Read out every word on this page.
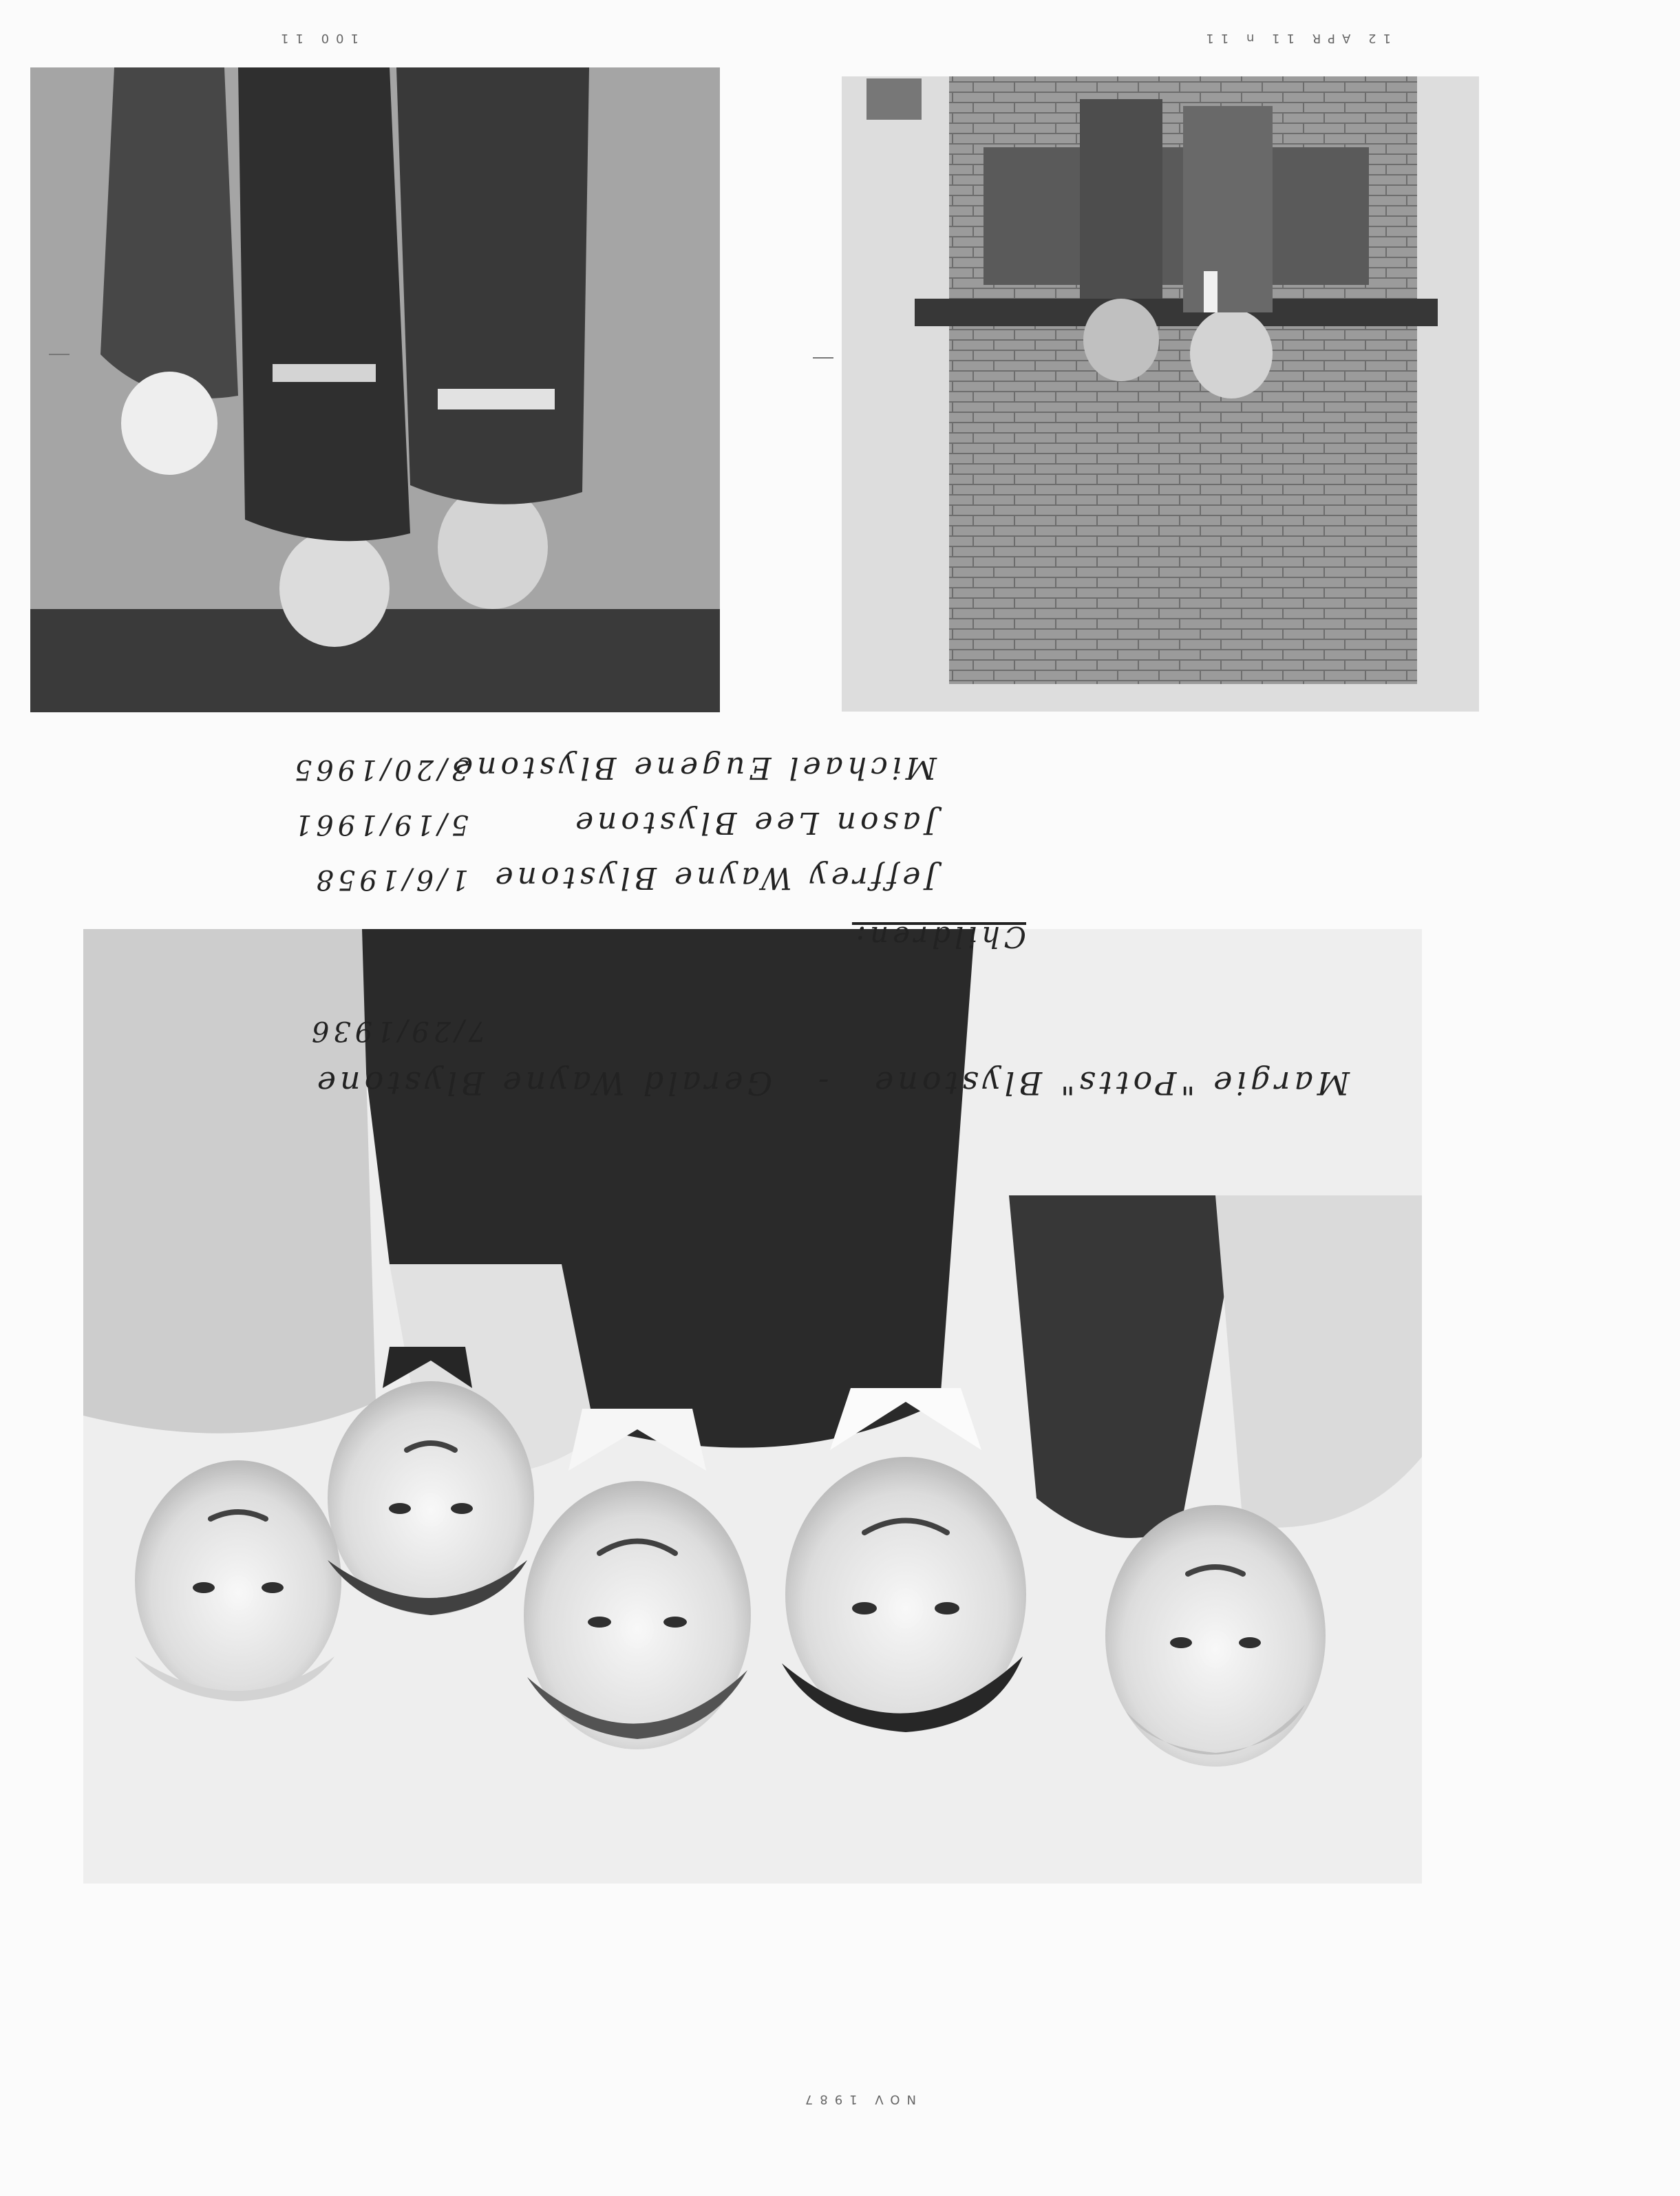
Margie "Potts" Blystone - Gerald Wayne Blystone
7/29/1936
Children:
Jeffrey Wayne Blystone
1/6/1958
Jason Lee Blystone
5/19/1961
Michael Eugene Blystone
3/20/1965
NOV 1987
12 APR 11 n 11
100 11
